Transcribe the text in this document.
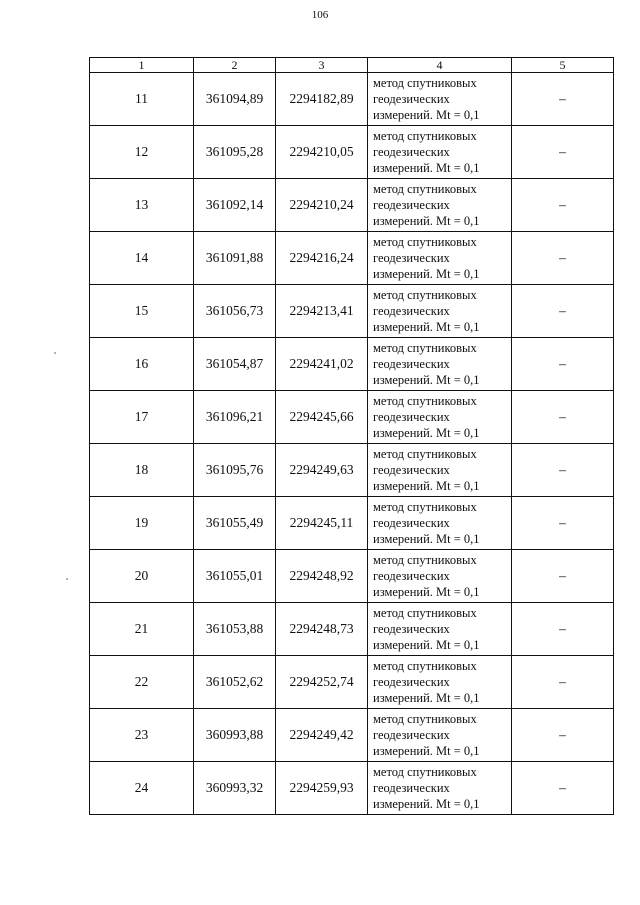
106
1	2	3	4	5
11	361094,89	2294182,89	метод спутниковых
геодезических
измерений. Mt = 0,1	–
12	361095,28	2294210,05	метод спутниковых
геодезических
измерений. Mt = 0,1	–
13	361092,14	2294210,24	метод спутниковых
геодезических
измерений. Mt = 0,1	–
14	361091,88	2294216,24	метод спутниковых
геодезических
измерений. Mt = 0,1	–
15	361056,73	2294213,41	метод спутниковых
геодезических
измерений. Mt = 0,1	–
16	361054,87	2294241,02	метод спутниковых
геодезических
измерений. Mt = 0,1	–
17	361096,21	2294245,66	метод спутниковых
геодезических
измерений. Mt = 0,1	–
18	361095,76	2294249,63	метод спутниковых
геодезических
измерений. Mt = 0,1	–
19	361055,49	2294245,11	метод спутниковых
геодезических
измерений. Mt = 0,1	–
20	361055,01	2294248,92	метод спутниковых
геодезических
измерений. Mt = 0,1	–
21	361053,88	2294248,73	метод спутниковых
геодезических
измерений. Mt = 0,1	–
22	361052,62	2294252,74	метод спутниковых
геодезических
измерений. Mt = 0,1	–
23	360993,88	2294249,42	метод спутниковых
геодезических
измерений. Mt = 0,1	–
24	360993,32	2294259,93	метод спутниковых
геодезических
измерений. Mt = 0,1	–
